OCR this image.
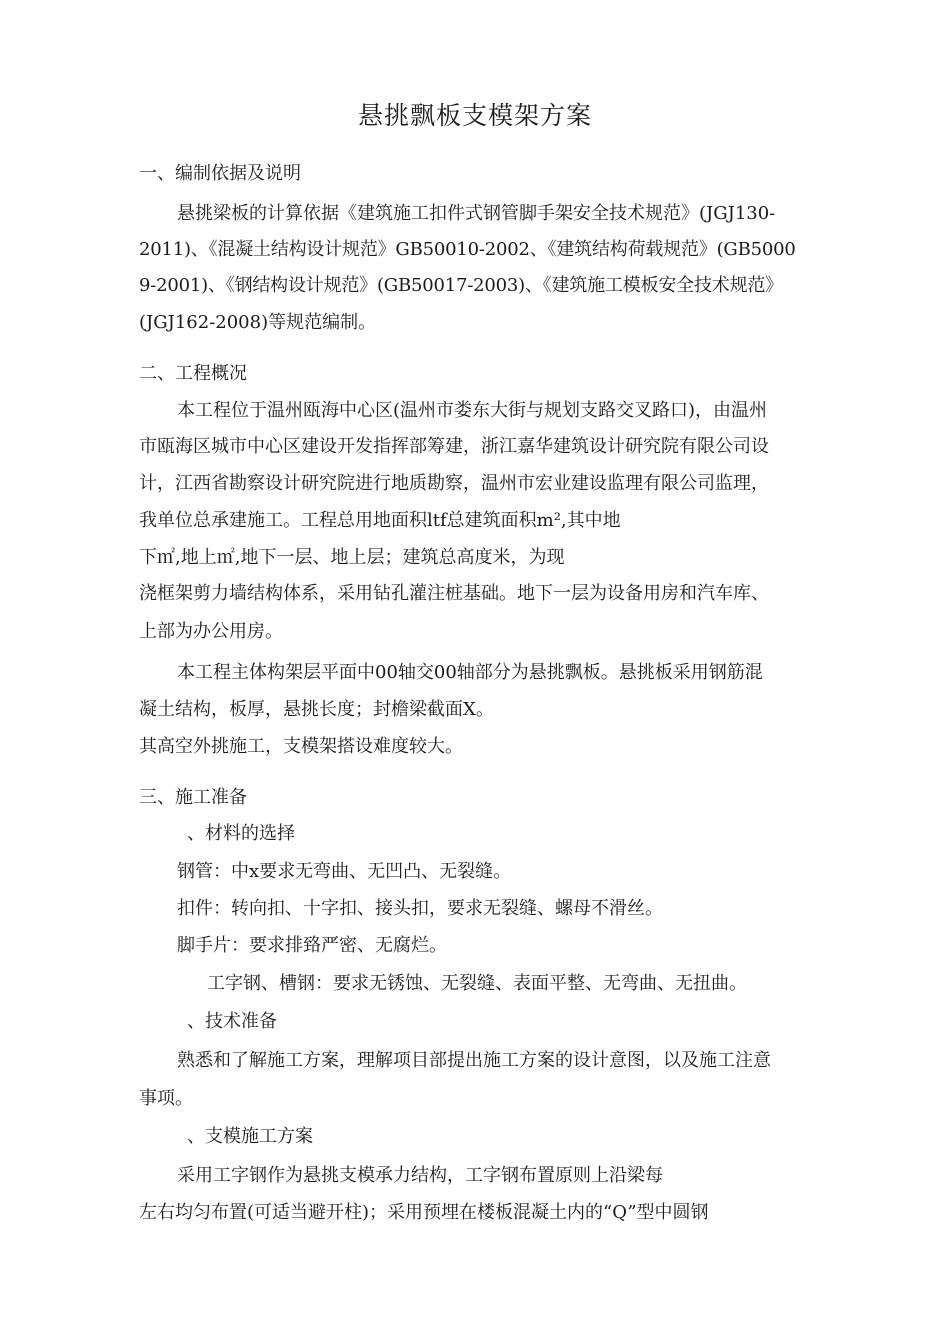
悬挑飘板支模架方案
一、编制依据及说明
悬挑梁板的计算依据《建筑施工扣件式钢管脚手架安全技术规范》(JGJ130-
2011)、《混凝土结构设计规范》GB50010-2002、《建筑结构荷载规范》(GB5000
9-2001)、《钢结构设计规范》(GB50017-2003)、《建筑施工模板安全技术规范》
(JGJ162-2008)等规范编制。
二、工程概况
本工程位于温州瓯海中心区(温州市娄东大街与规划支路交叉路口)，由温州
市瓯海区城市中心区建设开发指挥部筹建，浙江嘉华建筑设计研究院有限公司设
计，江西省勘察设计研究院进行地质勘察，温州市宏业建设监理有限公司监理，
我单位总承建施工。工程总用地面积ltf总建筑面积m²,其中地
下㎡,地上㎡,地下一层、地上层；建筑总高度米，为现
浇框架剪力墙结构体系，采用钻孔灌注桩基础。地下一层为设备用房和汽车库、
上部为办公用房。
本工程主体构架层平面中00轴交00轴部分为悬挑飘板。悬挑板采用钢筋混
凝土结构，板厚，悬挑长度；封檐梁截面X。
其高空外挑施工，支模架搭设难度较大。
三、施工准备
、材料的选择
钢管：中x要求无弯曲、无凹凸、无裂缝。
扣件：转向扣、十字扣、接头扣，要求无裂缝、螺母不滑丝。
脚手片：要求排臵严密、无腐烂。
工字钢、槽钢：要求无锈蚀、无裂缝、表面平整、无弯曲、无扭曲。
、技术准备
熟悉和了解施工方案，理解项目部提出施工方案的设计意图，以及施工注意
事项。
、支模施工方案
采用工字钢作为悬挑支模承力结构，工字钢布置原则上沿梁每
左右均匀布置(可适当避开柱)；采用预埋在楼板混凝土内的“Q”型中圆钢
